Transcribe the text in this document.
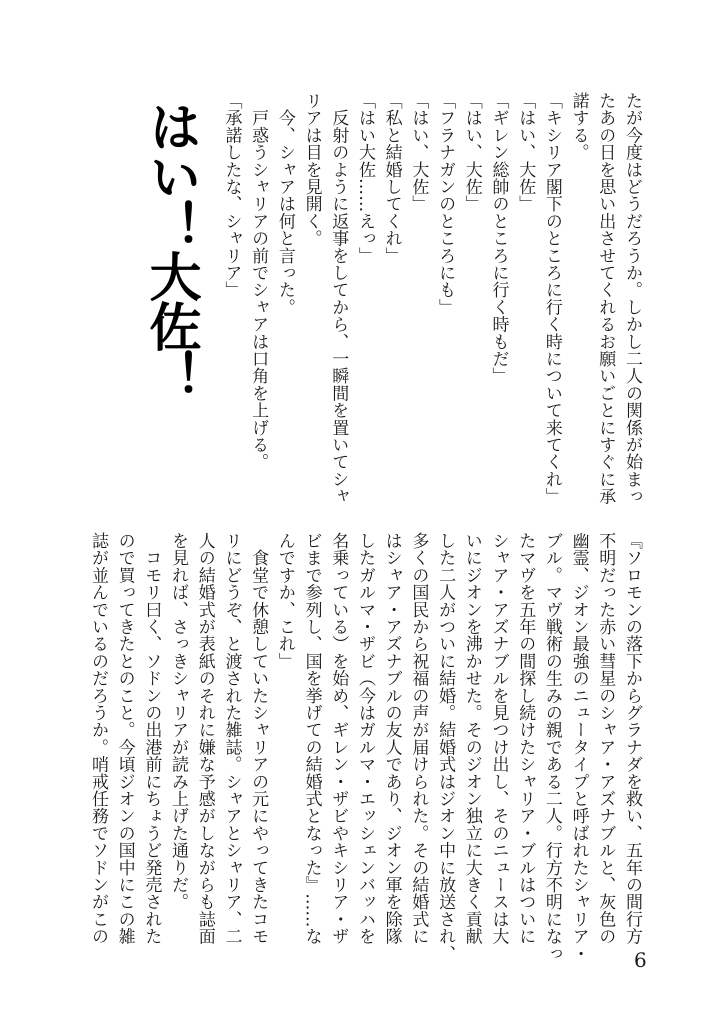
はい！大佐！	たが今度はどうだろうか。しかし二人の関係が始まっ
たあの日を思い出させてくれるお願いごとにすぐに承
諾する。
「キシリア閣下のところに行く時について来てくれ」
「はい、大佐」
「ギレン総帥のところに行く時もだ」
「はい、大佐」
「フラナガンのところにも」
「はい、大佐」
「私と結婚してくれ」
「はい大佐……えっ」
　反射のように返事をしてから、一瞬間を置いてシャ
リアは目を見開く。
　今、シャアは何と言った。
　戸惑うシャリアの前でシャアは口角を上げる。
「承諾したな、シャリア」
『ソロモンの落下からグラナダを救い、五年の間行方
不明だった赤い彗星のシャア・アズナブルと、灰色の
幽霊、ジオン最強のニュータイプと呼ばれたシャリア・
ブル。マヴ戦術の生みの親である二人。行方不明になっ
たマヴを五年の間探し続けたシャリア・ブルはついに
シャア・アズナブルを見つけ出し、そのニュースは大
いにジオンを沸かせた。そのジオン独立に大きく貢献
した二人がついに結婚。結婚式はジオン中に放送され、
多くの国民から祝福の声が届けられた。その結婚式に
はシャア・アズナブルの友人であり、ジオン軍を除隊
したガルマ・ザビ（今はガルマ・エッシェンバッハを
名乗っている）を始め、ギレン・ザビやキシリア・ザ
ビまで参列し、国を挙げての結婚式となった』……な
んですか、これ」
　食堂で休憩していたシャリアの元にやってきたコモ
リにどうぞ、と渡された雑誌。シャアとシャリア、二
人の結婚式が表紙のそれに嫌な予感がしながらも誌面
を見れば、さっきシャリアが読み上げた通りだ。
　コモリ曰く、ソドンの出港前にちょうど発売された
ので買ってきたとのこと。今頃ジオンの国中にこの雑
誌が並んでいるのだろうか。哨戒任務でソドンがこの
6
